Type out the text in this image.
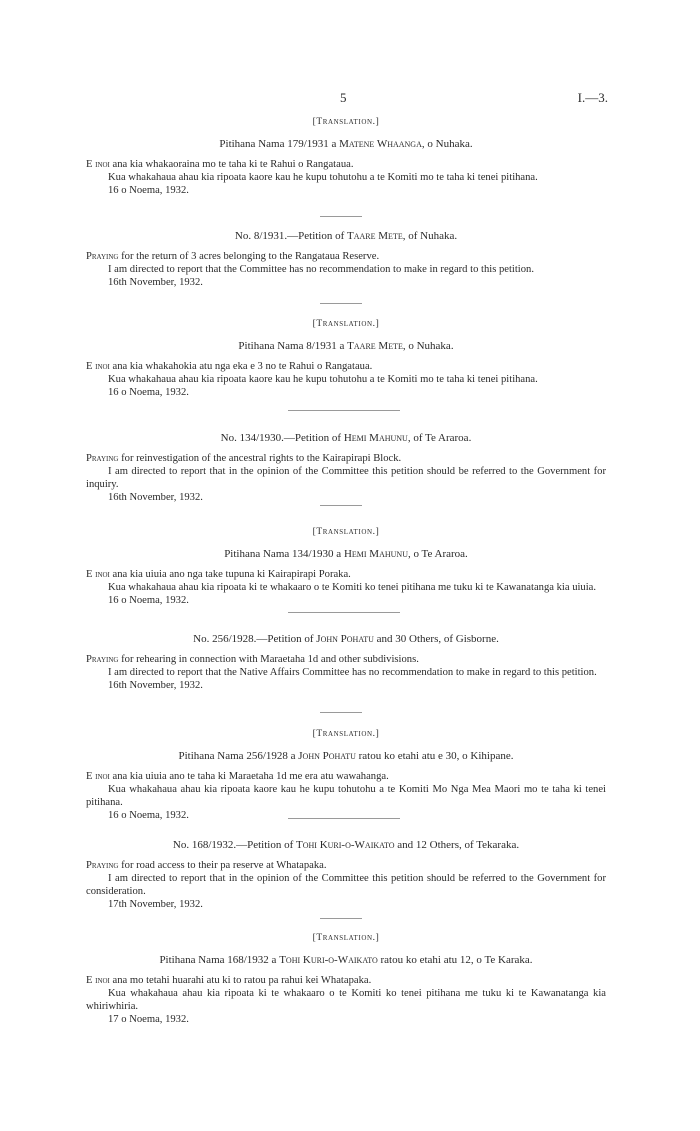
5	I.—3.
[Translation.]
Pitihana Nama 179/1931 a Matene Whaanga, o Nuhaka.
E inoi ana kia whakaoraina mo te taha ki te Rahui o Rangataua.
Kua whakahaua ahau kia ripoata kaore kau he kupu tohutohu a te Komiti mo te taha ki tenei pitihana.
16 o Noema, 1932.
No. 8/1931.—Petition of Taare Mete, of Nuhaka.
Praying for the return of 3 acres belonging to the Rangataua Reserve.
I am directed to report that the Committee has no recommendation to make in regard to this petition.
16th November, 1932.
[Translation.]
Pitihana Nama 8/1931 a Taare Mete, o Nuhaka.
E inoi ana kia whakahokia atu nga eka e 3 no te Rahui o Rangataua.
Kua whakahaua ahau kia ripoata kaore kau he kupu tohutohu a te Komiti mo te taha ki tenei pitihana.
16 o Noema, 1932.
No. 134/1930.—Petition of Hemi Mahunu, of Te Araroa.
Praying for reinvestigation of the ancestral rights to the Kairapirapi Block.
I am directed to report that in the opinion of the Committee this petition should be referred to the Government for inquiry.
16th November, 1932.
[Translation.]
Pitihana Nama 134/1930 a Hemi Mahunu, o Te Araroa.
E inoi ana kia uiuia ano nga take tupuna ki Kairapirapi Poraka.
Kua whakahaua ahau kia ripoata ki te whakaaro o te Komiti ko tenei pitihana me tuku ki te Kawanatanga kia uiuia.
16 o Noema, 1932.
No. 256/1928.—Petition of John Pohatu and 30 Others, of Gisborne.
Praying for rehearing in connection with Maraetaha 1d and other subdivisions.
I am directed to report that the Native Affairs Committee has no recommendation to make in regard to this petition.
16th November, 1932.
[Translation.]
Pitihana Nama 256/1928 a John Pohatu ratou ko etahi atu e 30, o Kihipane.
E inoi ana kia uiuia ano te taha ki Maraetaha 1d me era atu wawahanga.
Kua whakahaua ahau kia ripoata kaore kau he kupu tohutohu a te Komiti Mo Nga Mea Maori mo te taha ki tenei pitihana.
16 o Noema, 1932.
No. 168/1932.—Petition of Tohi Kuri-o-Waikato and 12 Others, of Tekaraka.
Praying for road access to their pa reserve at Whatapaka.
I am directed to report that in the opinion of the Committee this petition should be referred to the Government for consideration.
17th November, 1932.
[Translation.]
Pitihana Nama 168/1932 a Tohi Kuri-o-Waikato ratou ko etahi atu 12, o Te Karaka.
E inoi ana mo tetahi huarahi atu ki to ratou pa rahui kei Whatapaka.
Kua whakahaua ahau kia ripoata ki te whakaaro o te Komiti ko tenei pitihana me tuku ki te Kawanatanga kia whiriwhiria.
17 o Noema, 1932.
